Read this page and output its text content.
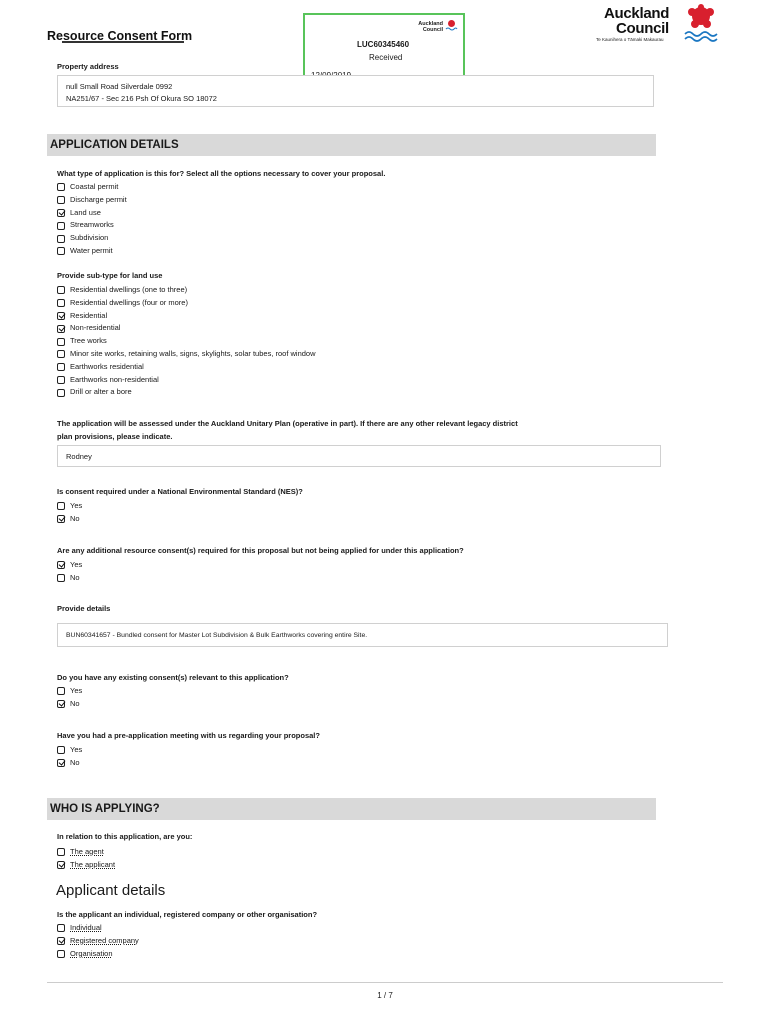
Resource Consent Form
Auckland
Council
Te Kaunihera o Tāmaki Makaurau
Auckland
Council
LUC60345460
Received
Property address
null Small Road Silverdale 0992
NA251/67 - Sec 216 Psh Of Okura SO 18072
APPLICATION DETAILS
What type of application is this for? Select all the options necessary to cover your proposal.
Coastal permit
Discharge permit
Land use
Streamworks
Subdivision
Water permit
Provide sub-type for land use
Residential dwellings (one to three)
Residential dwellings (four or more)
Residential
Non-residential
Tree works
Minor site works, retaining walls, signs, skylights, solar tubes, roof window
Earthworks residential
Earthworks non-residential
Drill or alter a bore
The application will be assessed under the Auckland Unitary Plan (operative in part). If there are any other relevant legacy district
plan provisions, please indicate.
Rodney
Is consent required under a National Environmental Standard (NES)?
Yes
No
Are any additional resource consent(s) required for this proposal but not being applied for under this application?
Yes
No
Provide details
BUN60341657 - Bundled consent for Master Lot Subdivision & Bulk Earthworks covering entire Site.
Do you have any existing consent(s) relevant to this application?
Yes
No
Have you had a pre-application meeting with us regarding your proposal?
Yes
No
WHO IS APPLYING?
In relation to this application, are you:
The agent
The applicant
Applicant details
Is the applicant an individual, registered company or other organisation?
Individual
Registered company
Organisation
1 / 7
